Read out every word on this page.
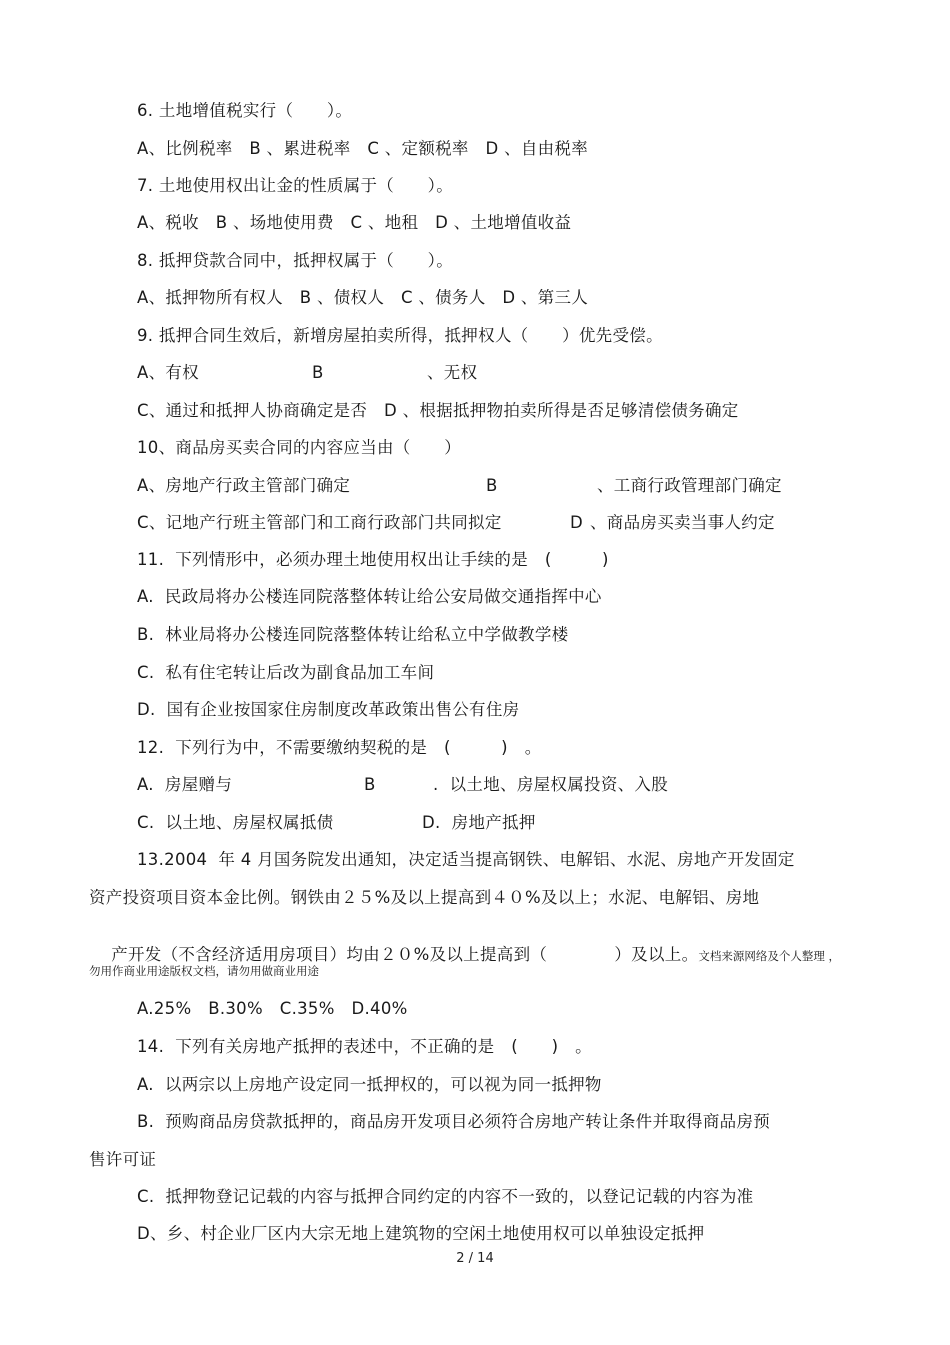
6. 土地增值税实行（　　）。
A、比例税率　B 、累进税率　C 、定额税率　D 、自由税率
7. 土地使用权出让金的性质属于（　　）。
A、税收　B 、场地使用费　C 、地租　D 、土地增值收益
8. 抵押贷款合同中，抵押权属于（　　）。
A、抵押物所有权人　B 、债权人　C 、债务人　D 、第三人
9. 抵押合同生效后，新增房屋拍卖所得，抵押权人（　　）优先受偿。

A、有权

	B

	、无权

C、通过和抵押人协商确定是否　D 、根据抵押物拍卖所得是否足够清偿债务确定
10、商品房买卖合同的内容应当由（　　）

A、房地产行政主管部门确定

	B

	、工商行政管理部门确定

C、记地产行班主管部门和工商行政部门共同拟定

	D

、商品房买卖当事人约定

11.  下列情形中，必须办理土地使用权出让手续的是　(　　　)
A.  民政局将办公楼连同院落整体转让给公安局做交通指挥中心
B.  林业局将办公楼连同院落整体转让给私立中学做教学楼
C.  私有住宅转让后改为副食品加工车间
D.  国有企业按国家住房制度改革政策出售公有住房
12.  下列行为中，不需要缴纳契税的是　(　　　)　。

A.  房屋赠与

	B

	.  以土地、房屋权属投资、入股

C.  以土地、房屋权属抵债

	D.  房地产抵押

13.2004  年 4 月国务院发出通知，决定适当提高钢铁、电解铝、水泥、房地产开发固定
资产投资项目资本金比例。钢铁由２５%及以上提高到４０%及以上；水泥、电解铝、房地

产开发（不含经济适用房项目）均由２０%及以上提高到（　　　　）及以上。文档来源网络及个人整理 ，

勿用作商业用途版权文档，请勿用做商业用途
A.25%　B.30%　C.35%　D.40%
14.  下列有关房地产抵押的表述中，不正确的是　(　　)　。
A.  以两宗以上房地产设定同一抵押权的，可以视为同一抵押物
B.  预购商品房贷款抵押的，商品房开发项目必须符合房地产转让条件并取得商品房预
售许可证
C.  抵押物登记记载的内容与抵押合同约定的内容不一致的，以登记记载的内容为准
D、乡、村企业厂区内大宗无地上建筑物的空闲土地使用权可以单独设定抵押
2 / 14
